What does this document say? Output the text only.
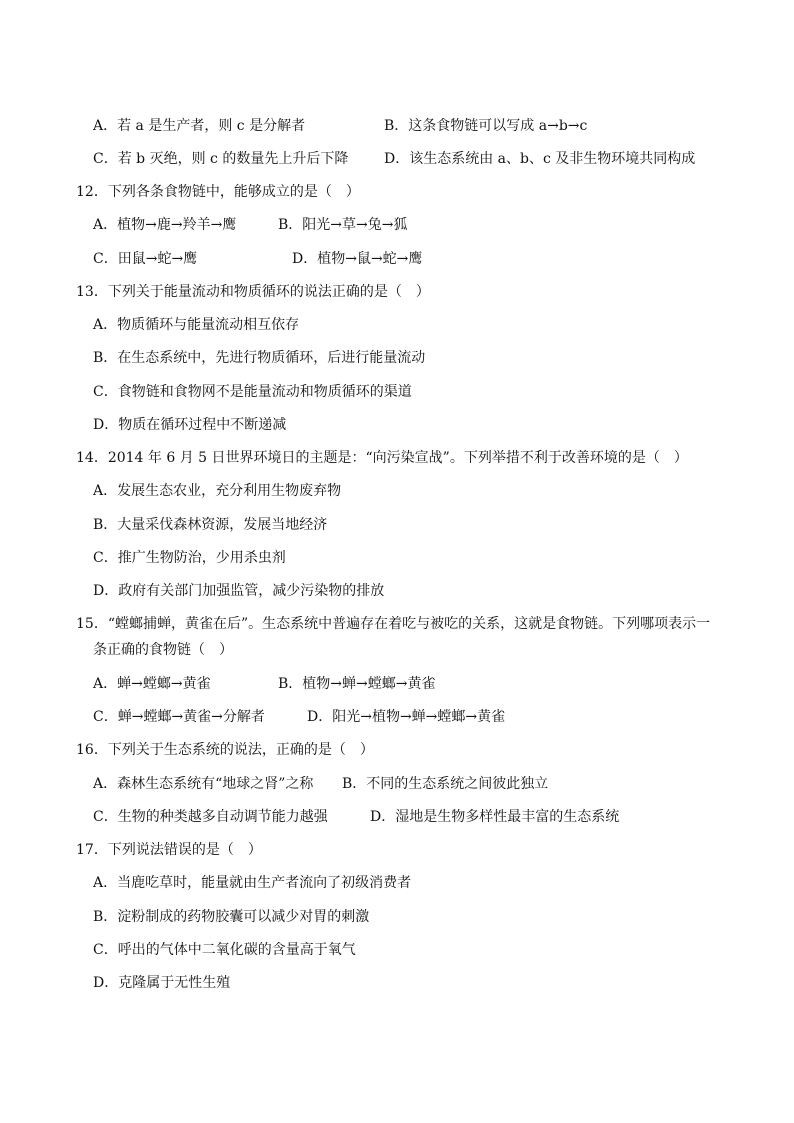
A．若 a 是生产者，则 c 是分解者	B．这条食物链可以写成 a→b→c
C．若 b 灭绝，则 c 的数量先上升后下降	D．该生态系统由 a、b、c 及非生物环境共同构成
12．下列各条食物链中，能够成立的是（　）
A．植物→鹿→羚羊→鹰	B．阳光→草→兔→狐
C．田鼠→蛇→鹰	D．植物→鼠→蛇→鹰
13．下列关于能量流动和物质循环的说法正确的是（　）
A．物质循环与能量流动相互依存
B．在生态系统中，先进行物质循环，后进行能量流动
C．食物链和食物网不是能量流动和物质循环的渠道
D．物质在循环过程中不断递减
14．2014 年 6 月 5 日世界环境日的主题是：“向污染宣战”。下列举措不利于改善环境的是（　）
A．发展生态农业，充分利用生物废弃物
B．大量采伐森林资源，发展当地经济
C．推广生物防治，少用杀虫剂
D．政府有关部门加强监管，减少污染物的排放
15．“螳螂捕蝉，黄雀在后”。生态系统中普遍存在着吃与被吃的关系，这就是食物链。下列哪项表示一
条正确的食物链（　）
A．蝉→螳螂→黄雀	B．植物→蝉→螳螂→黄雀
C．蝉→螳螂→黄雀→分解者	D．阳光→植物→蝉→螳螂→黄雀
16．下列关于生态系统的说法，正确的是（　）
A．森林生态系统有“地球之肾”之称 B．不同的生态系统之间彼此独立
C．生物的种类越多自动调节能力越强	D．湿地是生物多样性最丰富的生态系统
17．下列说法错误的是（　）
A．当鹿吃草时，能量就由生产者流向了初级消费者
B．淀粉制成的药物胶囊可以减少对胃的刺激
C．呼出的气体中二氧化碳的含量高于氧气
D．克隆属于无性生殖
